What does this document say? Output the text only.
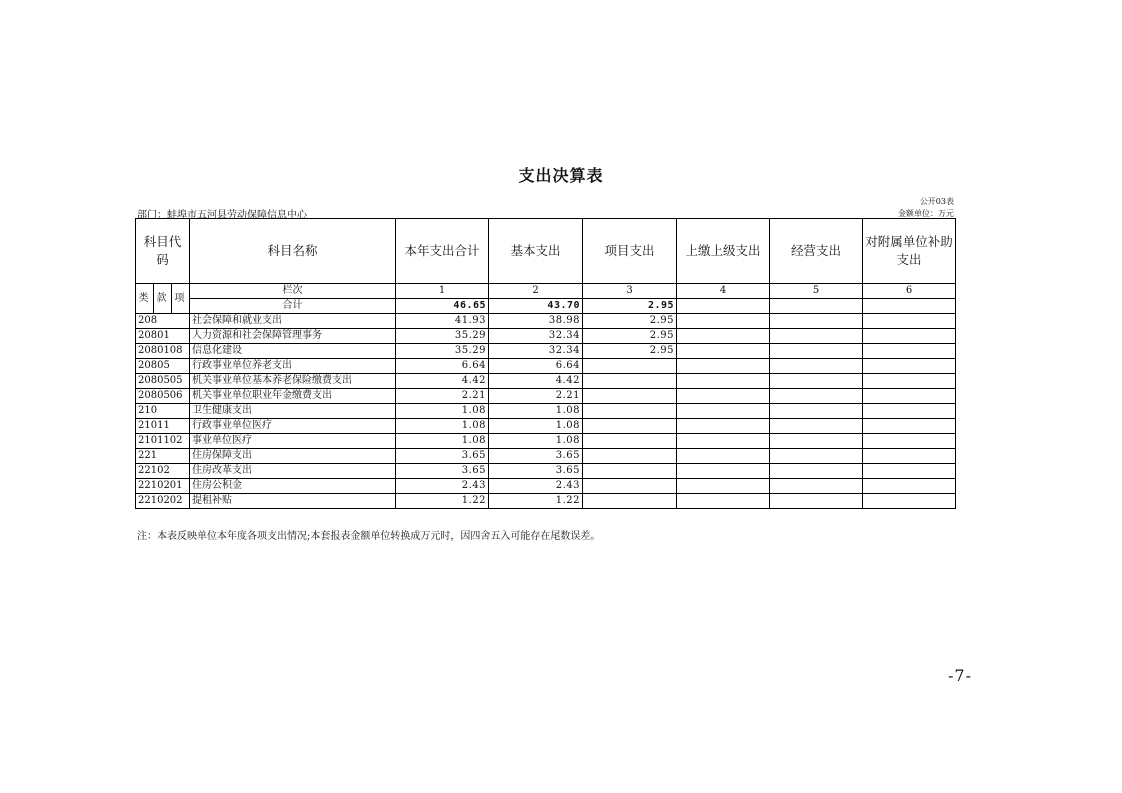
支出决算表
公开03表
金额单位：万元
部门：蚌埠市五河县劳动保障信息中心
科目代码			科目名称	本年支出合计	基本支出	项目支出	上缴上级支出	经营支出	对附属单位补助支出
类	款	项	栏次	1	2	3	4	5	6
			合计	46.65	43.70	2.95			
208			社会保障和就业支出	41.93	38.98	2.95			
20801			人力资源和社会保障管理事务	35.29	32.34	2.95			
2080108			信息化建设	35.29	32.34	2.95			
20805			行政事业单位养老支出	6.64	6.64				
2080505			机关事业单位基本养老保险缴费支出	4.42	4.42				
2080506			机关事业单位职业年金缴费支出	2.21	2.21				
210			卫生健康支出	1.08	1.08				
21011			行政事业单位医疗	1.08	1.08				
2101102			事业单位医疗	1.08	1.08				
221			住房保障支出	3.65	3.65				
22102			住房改革支出	3.65	3.65				
2210201			住房公积金	2.43	2.43				
2210202			提租补贴	1.22	1.22				
注：本表反映单位本年度各项支出情况;本套报表金额单位转换成万元时，因四舍五入可能存在尾数误差。
-7-
